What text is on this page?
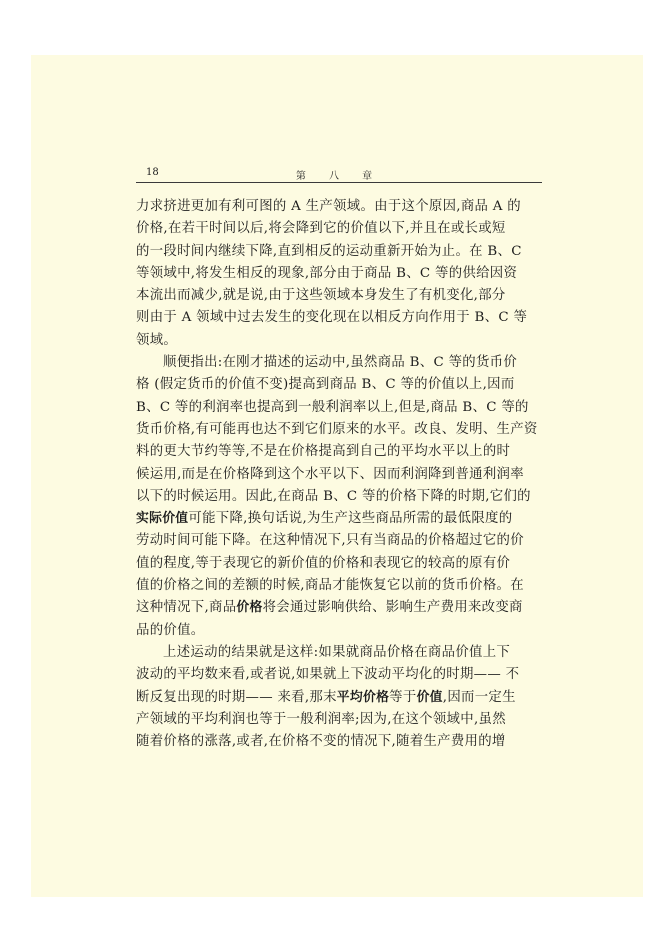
18	第 八 章
力求挤进更加有利可图的 A 生产领域。由于这个原因,商品 A 的
价格,在若干时间以后,将会降到它的价值以下,并且在或长或短
的一段时间内继续下降,直到相反的运动重新开始为止。在 B、C
等领域中,将发生相反的现象,部分由于商品 B、C 等的供给因资
本流出而减少,就是说,由于这些领域本身发生了有机变化,部分
则由于 A 领域中过去发生的变化现在以相反方向作用于 B、C 等
领域。
顺便指出:在刚才描述的运动中,虽然商品 B、C 等的货币价
格 (假定货币的价值不变)提高到商品 B、C 等的价值以上,因而
B、C 等的利润率也提高到一般利润率以上,但是,商品 B、C 等的
货币价格,有可能再也达不到它们原来的水平。改良、发明、生产资
料的更大节约等等,不是在价格提高到自己的平均水平以上的时
候运用,而是在价格降到这个水平以下、因而利润降到普通利润率
以下的时候运用。因此,在商品 B、C 等的价格下降的时期,它们的
实际价值可能下降,换句话说,为生产这些商品所需的最低限度的
劳动时间可能下降。在这种情况下,只有当商品的价格超过它的价
值的程度,等于表现它的新价值的价格和表现它的较高的原有价
值的价格之间的差额的时候,商品才能恢复它以前的货币价格。在
这种情况下,商品价格将会通过影响供给、影响生产费用来改变商
品的价值。
上述运动的结果就是这样:如果就商品价格在商品价值上下
波动的平均数来看,或者说,如果就上下波动平均化的时期—— 不
断反复出现的时期—— 来看,那末平均价格等于价值,因而一定生
产领域的平均利润也等于一般利润率;因为,在这个领域中,虽然
随着价格的涨落,或者,在价格不变的情况下,随着生产费用的增
